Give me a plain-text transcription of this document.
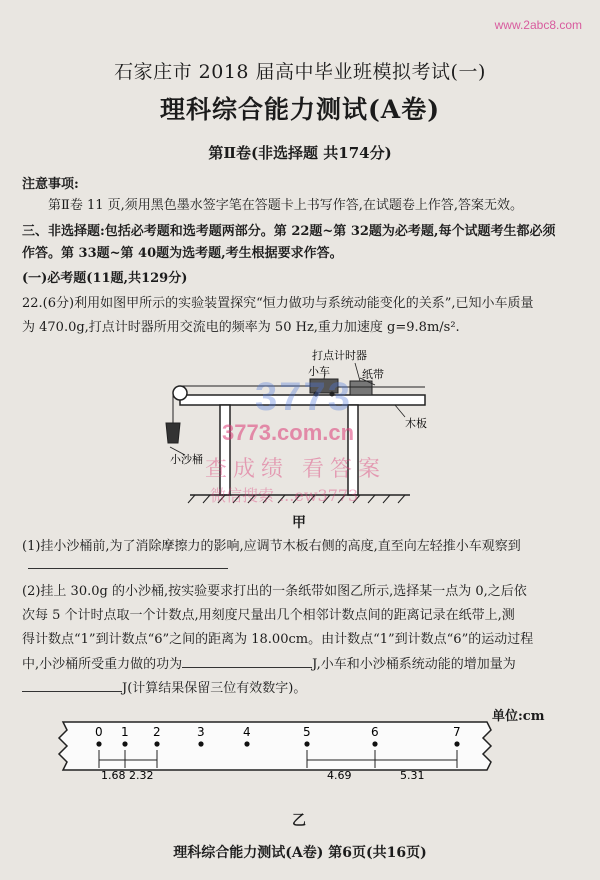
www.2abc8.com
石家庄市 2018 届高中毕业班模拟考试(一)
理科综合能力测试(A卷)
第Ⅱ卷(非选择题 共174分)
注意事项:
第Ⅱ卷 11 页,须用黑色墨水签字笔在答题卡上书写作答,在试题卷上作答,答案无效。
三、非选择题:包括必考题和选考题两部分。第 22题~第 32题为必考题,每个试题考生都必须
作答。第 33题~第 40题为选考题,考生根据要求作答。
(一)必考题(11题,共129分)
22.(6分)利用如图甲所示的实验装置探究“恒力做功与系统动能变化的关系”,已知小车质量
为 470.0g,打点计时器所用交流电的频率为 50 Hz,重力加速度 g=9.8m/s².
打点计时器
小车	纸带
木板
小沙桶
3773
3773.com.cn
查成绩 看答案
微信搜索 ...ew3773
甲
(1)挂小沙桶前,为了消除摩擦力的影响,应调节木板右侧的高度,直至向左轻推小车观察到
(2)挂上 30.0g 的小沙桶,按实验要求打出的一条纸带如图乙所示,选择某一点为 0,之后依
次每 5 个计时点取一个计数点,用刻度尺量出几个相邻计数点间的距离记录在纸带上,测
得计数点“1”到计数点“6”之间的距离为 18.00cm。由计数点“1”到计数点“6”的运动过程
中,小沙桶所受重力做的功为	J,小车和小沙桶系统动能的增加量为
J(计算结果保留三位有效数字)。
单位:cm
0 1 2	3	4	5	6	7
1.68 2.32	4.69	5.31
乙
理科综合能力测试(A卷) 第6页(共16页)
